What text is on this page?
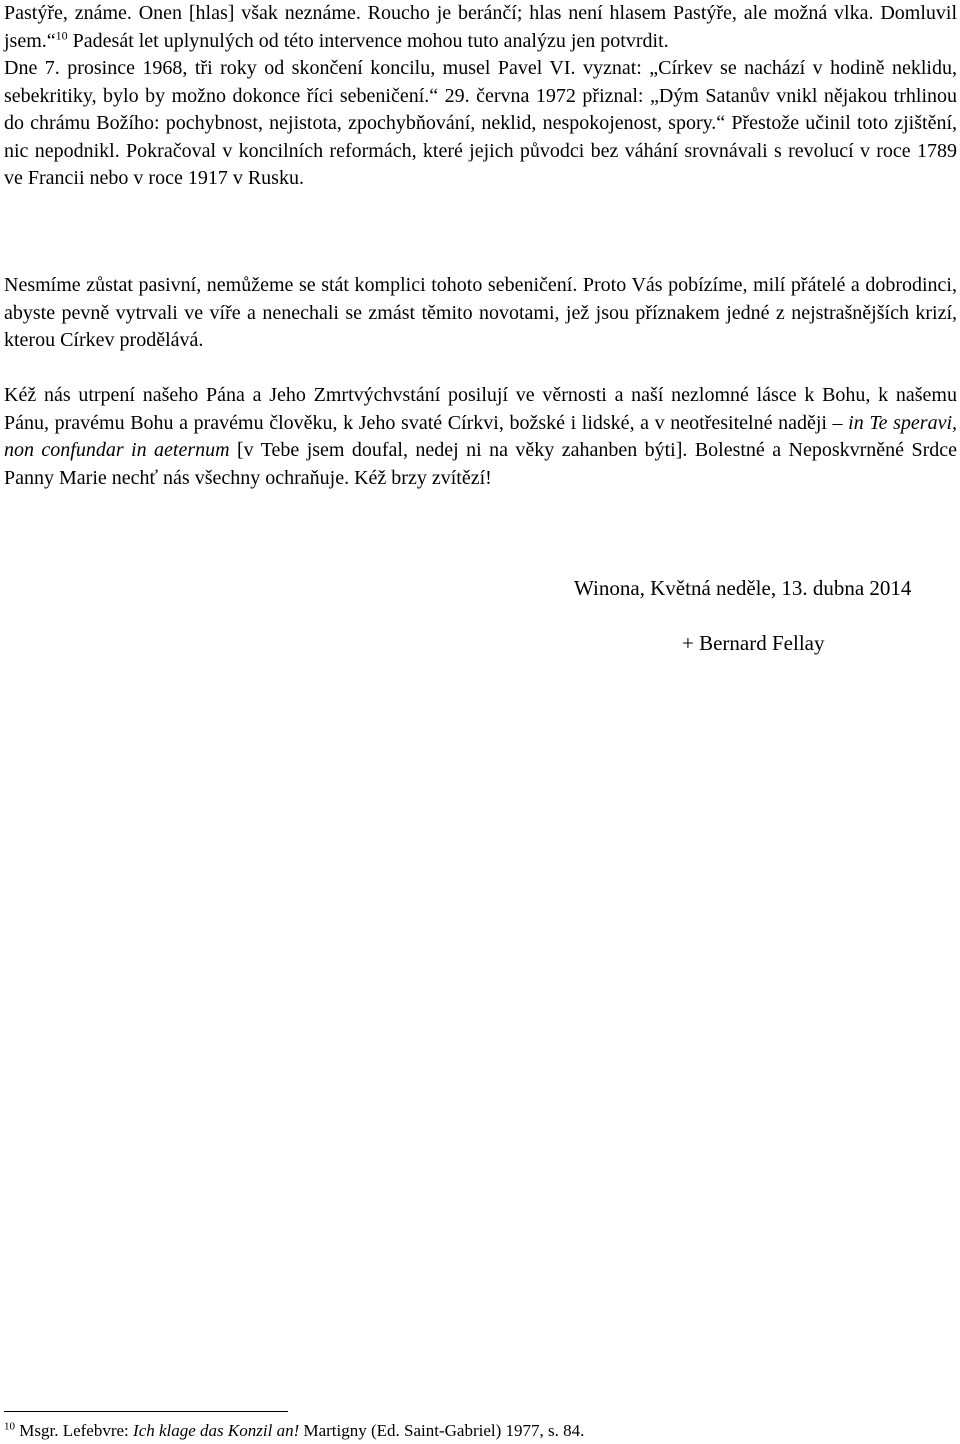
Pastýře, známe. Onen [hlas] však neznáme. Roucho je beránčí; hlas není hlasem Pastýře, ale možná vlka. Domluvil jsem.“$^{10}$ Padesát let uplynulých od této intervence mohou tuto analýzu jen potvrdit.

Dne 7. prosince 1968, tři roky od skončení koncilu, musel Pavel VI. vyznat: „Církev se nachází v hodině neklidu, sebekritiky, bylo by možno dokonce říci sebeničení.“ 29. června 1972 přiznal: „Dým Satanův vnikl nějakou trhlinou do chrámu Božího: pochybnost, nejistota, zpochybňování, neklid, nespokojenost, spory.“ Přestože učinil toto zjištění, nic nepodnikl. Pokračoval v koncilních reformách, které jejich původci bez váhání srovnávali s revolucí v roce 1789 ve Francii nebo v roce 1917 v Rusku.

Nesmíme zůstat pasivní, nemůžeme se stát komplici tohoto sebeničení. Proto Vás pobízíme, milí přátelé a dobrodinci, abyste pevně vytrvali ve víře a nenechali se zmást těmito novotami, jež jsou příznakem jedné z nejstrašnějších krizí, kterou Církev prodělává.

Kéž nás utrpení našeho Pána a Jeho Zmrtvýchvstání posilují ve věrnosti a naší nezlomné lásce k Bohu, k našemu Pánu, pravému Bohu a pravému člověku, k Jeho svaté Církvi, božské i lidské, a v neotřesitelné naději – in Te speravi, non confundar in aeternum [v Tebe jsem doufal, nedej ni na věky zahanben býti]. Bolestné a Neposkvrněné Srdce Panny Marie nechť nás všechny ochraňuje. Kéž brzy zvítězí!

Winona, Květná neděle, 13. dubna 2014
+ Bernard Fellay
$^{10}$ Msgr. Lefebvre: Ich klage das Konzil an! Martigny (Ed. Saint-Gabriel) 1977, s. 84.
